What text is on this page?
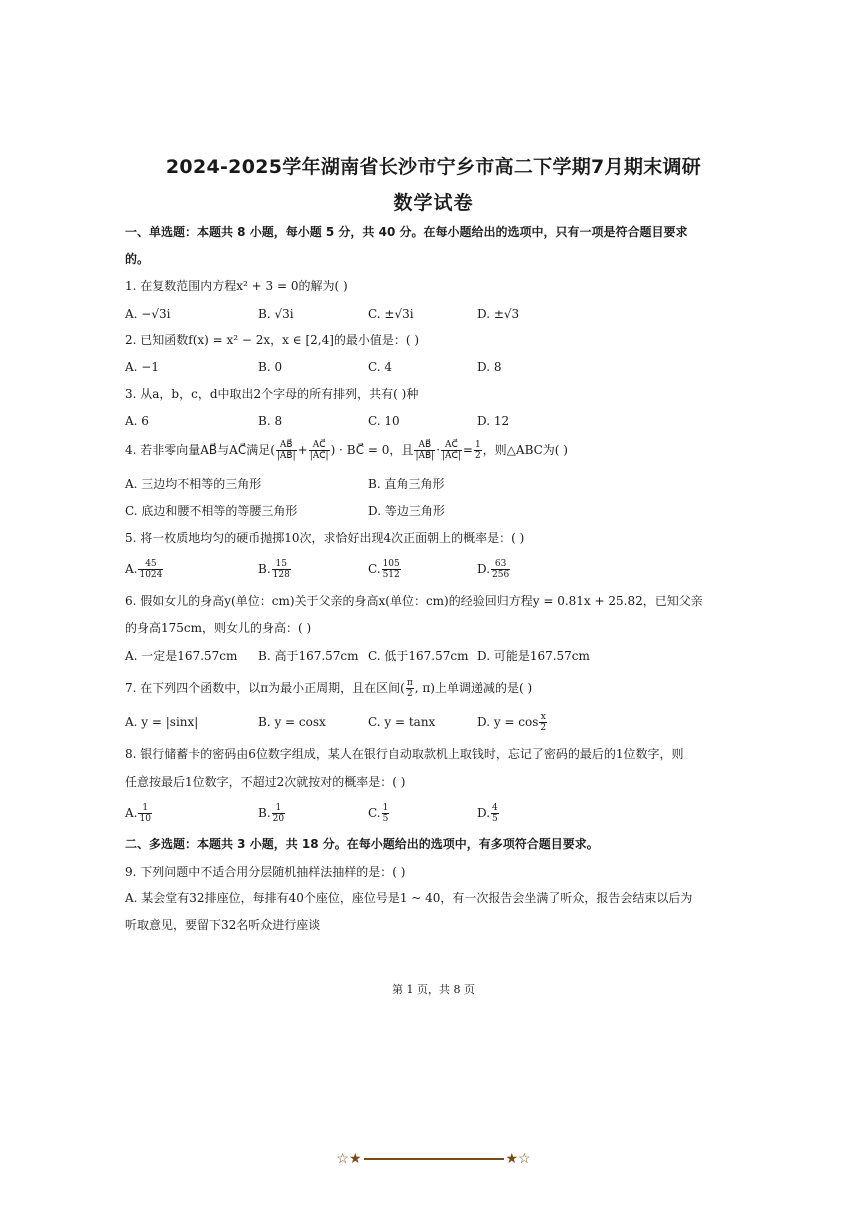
2024-2025学年湖南省长沙市宁乡市高二下学期7月期末调研
数学试卷
一、单选题：本题共 8 小题，每小题 5 分，共 40 分。在每小题给出的选项中，只有一项是符合题目要求
的。
1. 在复数范围内方程x² + 3 = 0的解为( )
A. −√3i	B. √3i	C. ±√3i	D. ±√3
2. 已知函数f(x) = x² − 2x，x ∈ [2,4]的最小值是：( )
A. −1	B. 0	C. 4	D. 8
3. 从a，b，c，d中取出2个字母的所有排列，共有( )种
A. 6	B. 8	C. 10	D. 12
4. 若非零向量AB⃗与AC⃗满足( $\frac{AB⃗}{|AB⃗|} + \frac{AC⃗}{|AC⃗|}$ ) · BC⃗ = 0，且 $\frac{AB⃗}{|AB⃗|} \cdot \frac{AC⃗}{|AC⃗|} = \frac{1}{2}$ ，则△ABC为( )
A. 三边均不相等的三角形	B. 直角三角形
C. 底边和腰不相等的等腰三角形	D. 等边三角形
5. 将一枚质地均匀的硬币抛掷10次，求恰好出现4次正面朝上的概率是：( )
A. $\frac{45}{1024}$	B. $\frac{15}{128}$	C. $\frac{105}{512}$	D. $\frac{63}{256}$
6. 假如女儿的身高y(单位：cm)关于父亲的身高x(单位：cm)的经验回归方程y = 0.81x + 25.82，已知父亲
的身高175cm，则女儿的身高：( )
A. 一定是167.57cm B. 高于167.57cm C. 低于167.57cm D. 可能是167.57cm
7. 在下列四个函数中，以π为最小正周期，且在区间( $\frac{\pi}{2}$ , π)上单调递减的是( )
A. y = |sinx|	B. y = cosx	C. y = tanx	D. $y = \cos \frac{x}{2}$
8. 银行储蓄卡的密码由6位数字组成，某人在银行自动取款机上取钱时，忘记了密码的最后的1位数字，则
任意按最后1位数字，不超过2次就按对的概率是：( )
A. $\frac{1}{10}$	B. $\frac{1}{20}$	C. $\frac{1}{5}$	D. $\frac{4}{5}$
二、多选题：本题共 3 小题，共 18 分。在每小题给出的选项中，有多项符合题目要求。
9. 下列问题中不适合用分层随机抽样法抽样的是：( )
A. 某会堂有32排座位，每排有40个座位，座位号是1 ~ 40，有一次报告会坐满了听众，报告会结束以后为
听取意见，要留下32名听众进行座谈
第 1 页，共 8 页
☆★	★☆
